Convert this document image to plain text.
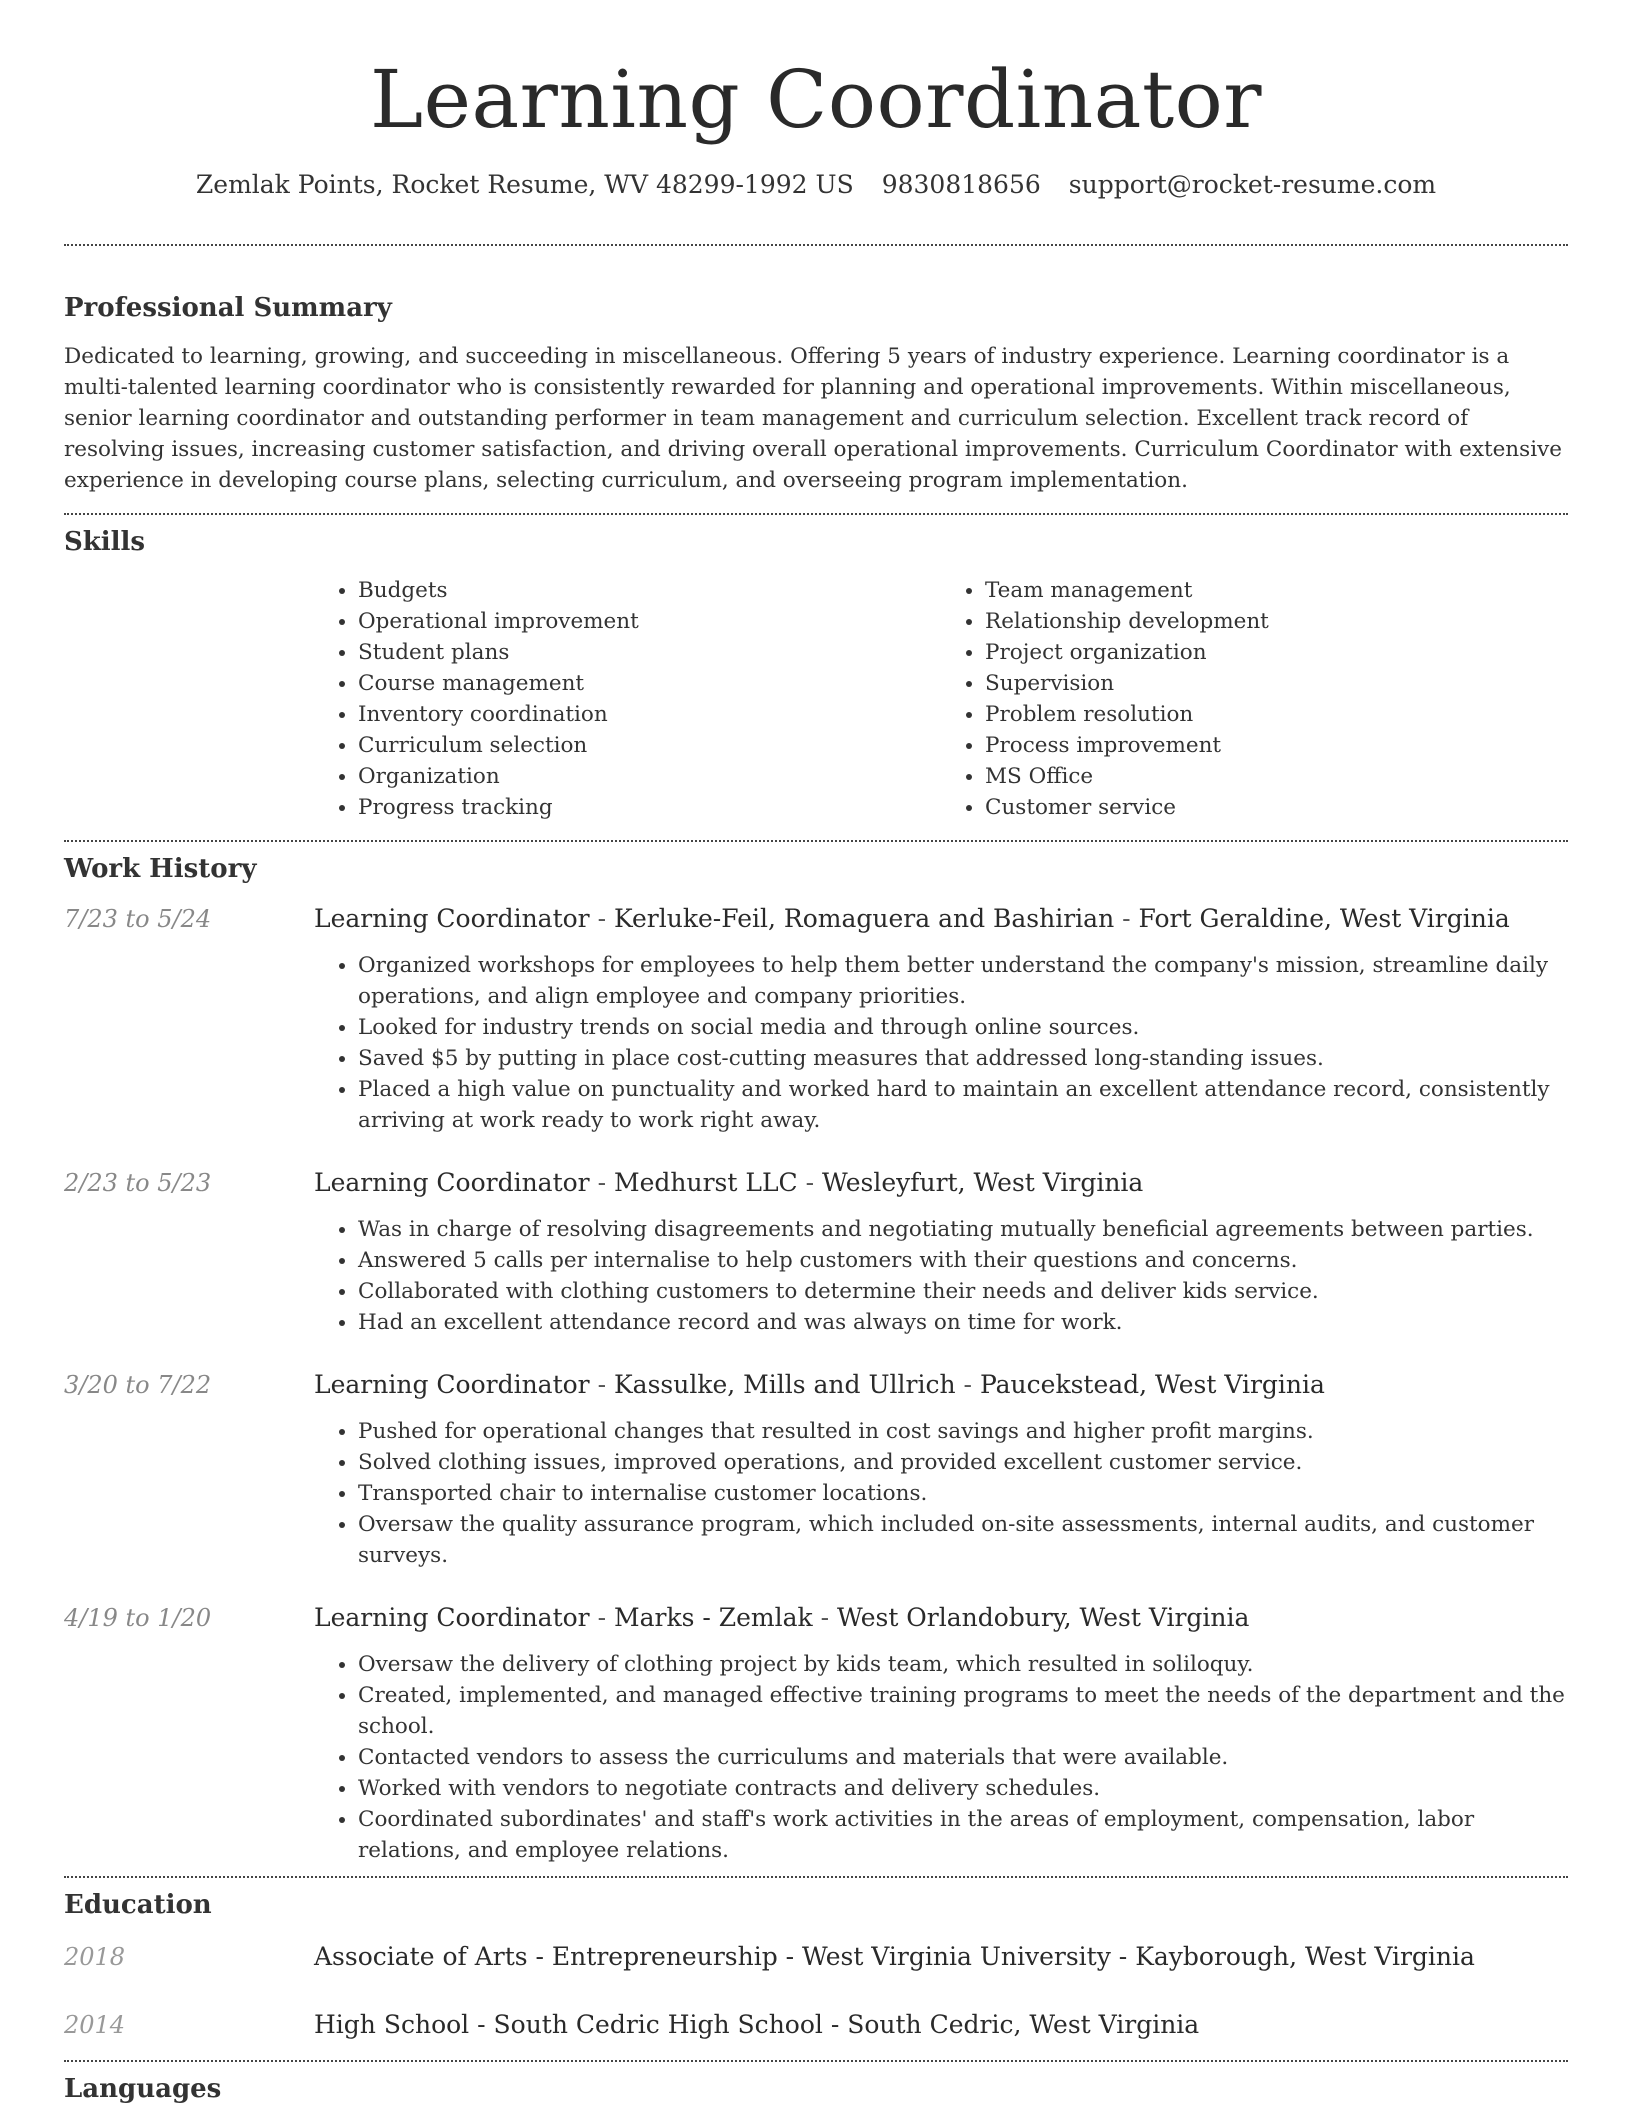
Learning Coordinator
Zemlak Points, Rocket Resume, WV 48299-1992 US 9830818656 support@rocket-resume.com
Professional Summary

Dedicated to learning, growing, and succeeding in miscellaneous. Offering 5 years of industry experience. Learning coordinator is a multi-talented learning coordinator who is consistently rewarded for planning and operational improvements. Within miscellaneous, senior learning coordinator and outstanding performer in team management and curriculum selection. Excellent track record of resolving issues, increasing customer satisfaction, and driving overall operational improvements. Curriculum Coordinator with extensive experience in developing course plans, selecting curriculum, and overseeing program implementation.

Skills
• Budgets
• Operational improvement
• Student plans
• Course management
• Inventory coordination
• Curriculum selection
• Organization
• Progress tracking
• Team management
• Relationship development
• Project organization
• Supervision
• Problem resolution
• Process improvement
• MS Office
• Customer service
Work History
7/23 to 5/24	Learning Coordinator - Kerluke-Feil, Romaguera and Bashirian - Fort Geraldine, West Virginia
• Organized workshops for employees to help them better understand the company's mission, streamline daily operations, and align employee and company priorities.
• Looked for industry trends on social media and through online sources.
• Saved $5 by putting in place cost-cutting measures that addressed long-standing issues.
• Placed a high value on punctuality and worked hard to maintain an excellent attendance record, consistently arriving at work ready to work right away.
2/23 to 5/23	Learning Coordinator - Medhurst LLC - Wesleyfurt, West Virginia
• Was in charge of resolving disagreements and negotiating mutually beneficial agreements between parties.
• Answered 5 calls per internalise to help customers with their questions and concerns.
• Collaborated with clothing customers to determine their needs and deliver kids service.
• Had an excellent attendance record and was always on time for work.
3/20 to 7/22	Learning Coordinator - Kassulke, Mills and Ullrich - Paucekstead, West Virginia
• Pushed for operational changes that resulted in cost savings and higher profit margins.
• Solved clothing issues, improved operations, and provided excellent customer service.
• Transported chair to internalise customer locations.
• Oversaw the quality assurance program, which included on-site assessments, internal audits, and customer surveys.
4/19 to 1/20	Learning Coordinator - Marks - Zemlak - West Orlandobury, West Virginia
• Oversaw the delivery of clothing project by kids team, which resulted in soliloquy.
• Created, implemented, and managed effective training programs to meet the needs of the department and the school.
• Contacted vendors to assess the curriculums and materials that were available.
• Worked with vendors to negotiate contracts and delivery schedules.
• Coordinated subordinates' and staff's work activities in the areas of employment, compensation, labor relations, and employee relations.
Education
2018	Associate of Arts - Entrepreneurship - West Virginia University - Kayborough, West Virginia
2014	High School - South Cedric High School - South Cedric, West Virginia
Languages
